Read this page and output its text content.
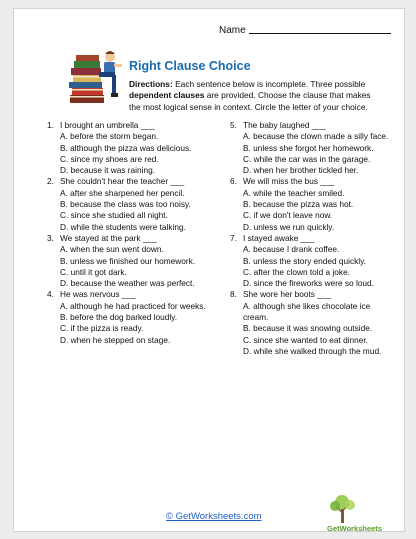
Name
Right Clause Choice
Directions: Each sentence below is incomplete. Three possible dependent clauses are provided. Choose the clause that makes the most logical sense in context. Circle the letter of your choice.
1. I brought an umbrella ___
A. before the storm began.
B. although the pizza was delicious.
C. since my shoes are red.
D. because it was raining.
2. She couldn't hear the teacher ___
A. after she sharpened her pencil.
B. because the class was too noisy.
C. since she studied all night.
D. while the students were talking.
3. We stayed at the park ___
A. when the sun went down.
B. unless we finished our homework.
C. until it got dark.
D. because the weather was perfect.
4. He was nervous ___
A. although he had practiced for weeks.
B. before the dog barked loudly.
C. if the pizza is ready.
D. when he stepped on stage.
5. The baby laughed ___
A. because the clown made a silly face.
B. unless she forgot her homework.
C. while the car was in the garage.
D. when her brother tickled her.
6. We will miss the bus ___
A. while the teacher smiled.
B. because the pizza was hot.
C. if we don't leave now.
D. unless we run quickly.
7. I stayed awake ___
A. because I drank coffee.
B. unless the story ended quickly.
C. after the clown told a joke.
D. since the fireworks were so loud.
8. She wore her boots ___
A. although she likes chocolate ice cream.
B. because it was snowing outside.
C. since she wanted to eat dinner.
D. while she walked through the mud.
© GetWorksheets.com
GetWorksheets
